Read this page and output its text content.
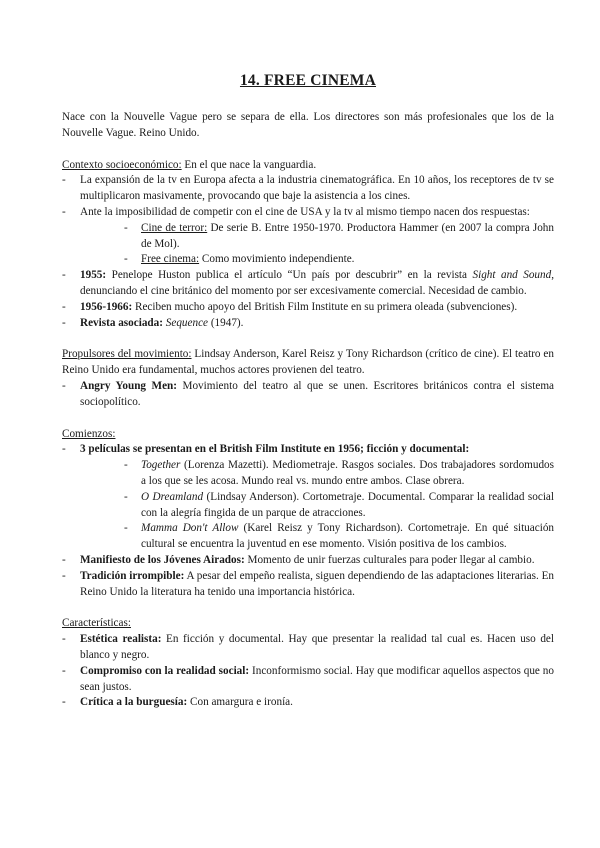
14. FREE CINEMA

Nace con la Nouvelle Vague pero se separa de ella. Los directores son más profesionales que los de la Nouvelle Vague. Reino Unido.

Contexto socioeconómico: En el que nace la vanguardia.

- La expansión de la tv en Europa afecta a la industria cinematográfica. En 10 años, los receptores de tv se multiplicaron masivamente, provocando que baje la asistencia a los cines.
- Ante la imposibilidad de competir con el cine de USA y la tv al mismo tiempo nacen dos respuestas:
- Cine de terror: De serie B. Entre 1950-1970. Productora Hammer (en 2007 la compra John de Mol).
- Free cinema: Como movimiento independiente.
- 1955: Penelope Huston publica el artículo “Un país por descubrir” en la revista Sight and Sound, denunciando el cine británico del momento por ser excesivamente comercial. Necesidad de cambio.
- 1956-1966: Reciben mucho apoyo del British Film Institute en su primera oleada (subvenciones).
- Revista asociada: Sequence (1947).

Propulsores del movimiento: Lindsay Anderson, Karel Reisz y Tony Richardson (crítico de cine). El teatro en Reino Unido era fundamental, muchos actores provienen del teatro.

- Angry Young Men: Movimiento del teatro al que se unen. Escritores británicos contra el sistema sociopolítico.

Comienzos:

- 3 películas se presentan en el British Film Institute en 1956; ficción y documental:
- Together (Lorenza Mazetti). Mediometraje. Rasgos sociales. Dos trabajadores sordomudos a los que se les acosa. Mundo real vs. mundo entre ambos. Clase obrera.
- O Dreamland (Lindsay Anderson). Cortometraje. Documental. Comparar la realidad social con la alegría fingida de un parque de atracciones.
- Mamma Don't Allow (Karel Reisz y Tony Richardson). Cortometraje. En qué situación cultural se encuentra la juventud en ese momento. Visión positiva de los cambios.
- Manifiesto de los Jóvenes Airados: Momento de unir fuerzas culturales para poder llegar al cambio.
- Tradición irrompible: A pesar del empeño realista, siguen dependiendo de las adaptaciones literarias. En Reino Unido la literatura ha tenido una importancia histórica.

Características:

- Estética realista: En ficción y documental. Hay que presentar la realidad tal cual es. Hacen uso del blanco y negro.
- Compromiso con la realidad social: Inconformismo social. Hay que modificar aquellos aspectos que no sean justos.
- Crítica a la burguesía: Con amargura e ironía.
